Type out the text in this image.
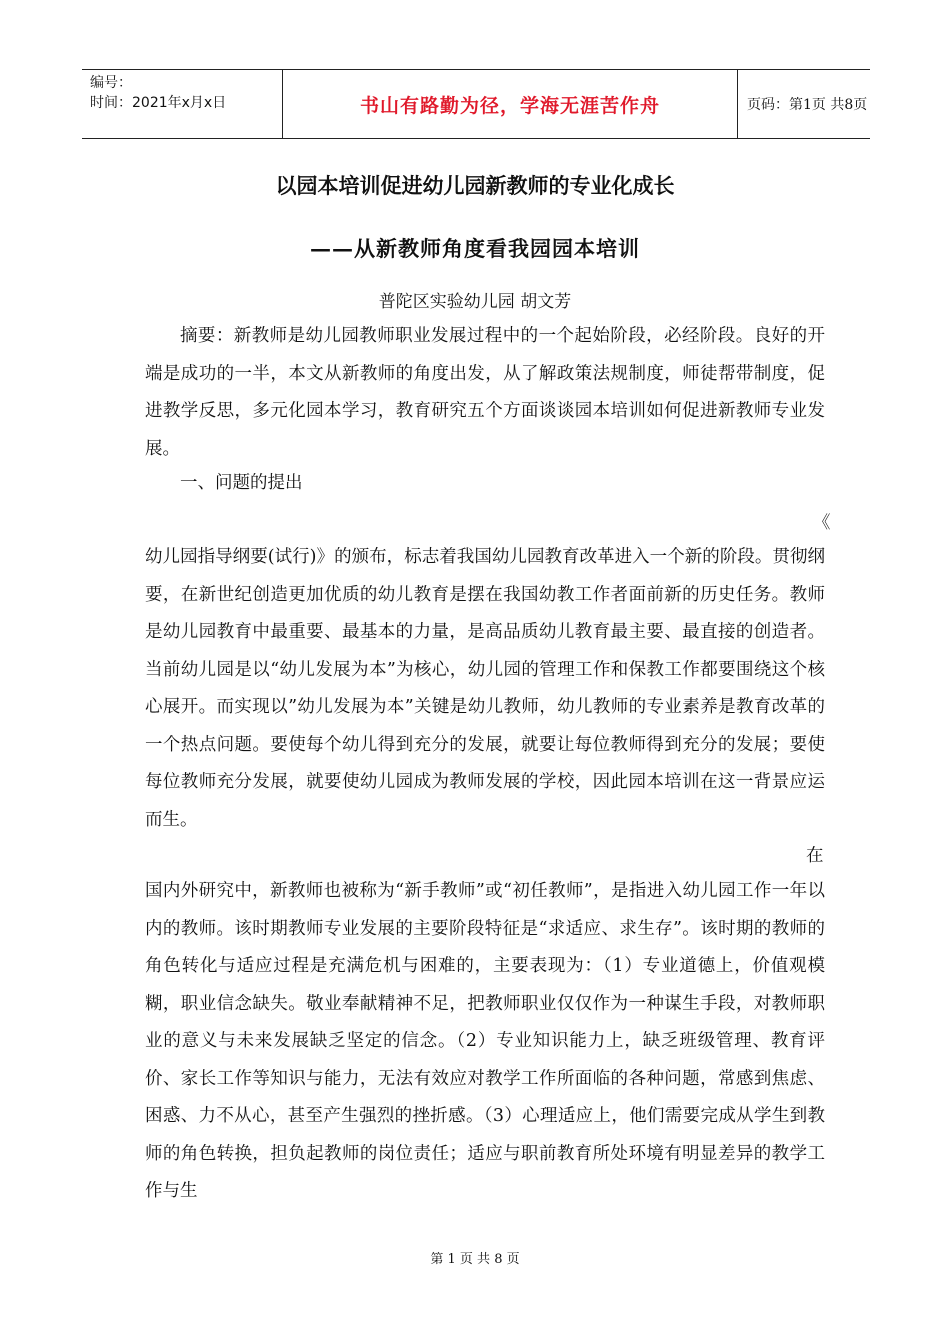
编号：
时间：2021年x月x日	书山有路勤为径，学海无涯苦作舟	页码：第1页 共8页
以园本培训促进幼儿园新教师的专业化成长
——从新教师角度看我园园本培训
普陀区实验幼儿园 胡文芳
摘要：新教师是幼儿园教师职业发展过程中的一个起始阶段，必经阶段。良好的开端是成功的一半，本文从新教师的角度出发，从了解政策法规制度，师徒帮带制度，促进教学反思，多元化园本学习，教育研究五个方面谈谈园本培训如何促进新教师专业发展。
一、问题的提出
《
幼儿园指导纲要(试行)》的颁布，标志着我国幼儿园教育改革进入一个新的阶段。贯彻纲要，在新世纪创造更加优质的幼儿教育是摆在我国幼教工作者面前新的历史任务。教师是幼儿园教育中最重要、最基本的力量，是高品质幼儿教育最主要、最直接的创造者。当前幼儿园是以“幼儿发展为本”为核心，幼儿园的管理工作和保教工作都要围绕这个核心展开。而实现以”幼儿发展为本”关键是幼儿教师，幼儿教师的专业素养是教育改革的一个热点问题。要使每个幼儿得到充分的发展，就要让每位教师得到充分的发展；要使每位教师充分发展，就要使幼儿园成为教师发展的学校，因此园本培训在这一背景应运而生。
在
国内外研究中，新教师也被称为“新手教师”或“初任教师”，是指进入幼儿园工作一年以内的教师。该时期教师专业发展的主要阶段特征是“求适应、求生存”。该时期的教师的角色转化与适应过程是充满危机与困难的，主要表现为：（1）专业道德上，价值观模糊，职业信念缺失。敬业奉献精神不足，把教师职业仅仅作为一种谋生手段，对教师职业的意义与未来发展缺乏坚定的信念。（2）专业知识能力上，缺乏班级管理、教育评价、家长工作等知识与能力，无法有效应对教学工作所面临的各种问题，常感到焦虑、困惑、力不从心，甚至产生强烈的挫折感。（3）心理适应上，他们需要完成从学生到教师的角色转换，担负起教师的岗位责任；适应与职前教育所处环境有明显差异的教学工作与生
第 1 页 共 8 页
